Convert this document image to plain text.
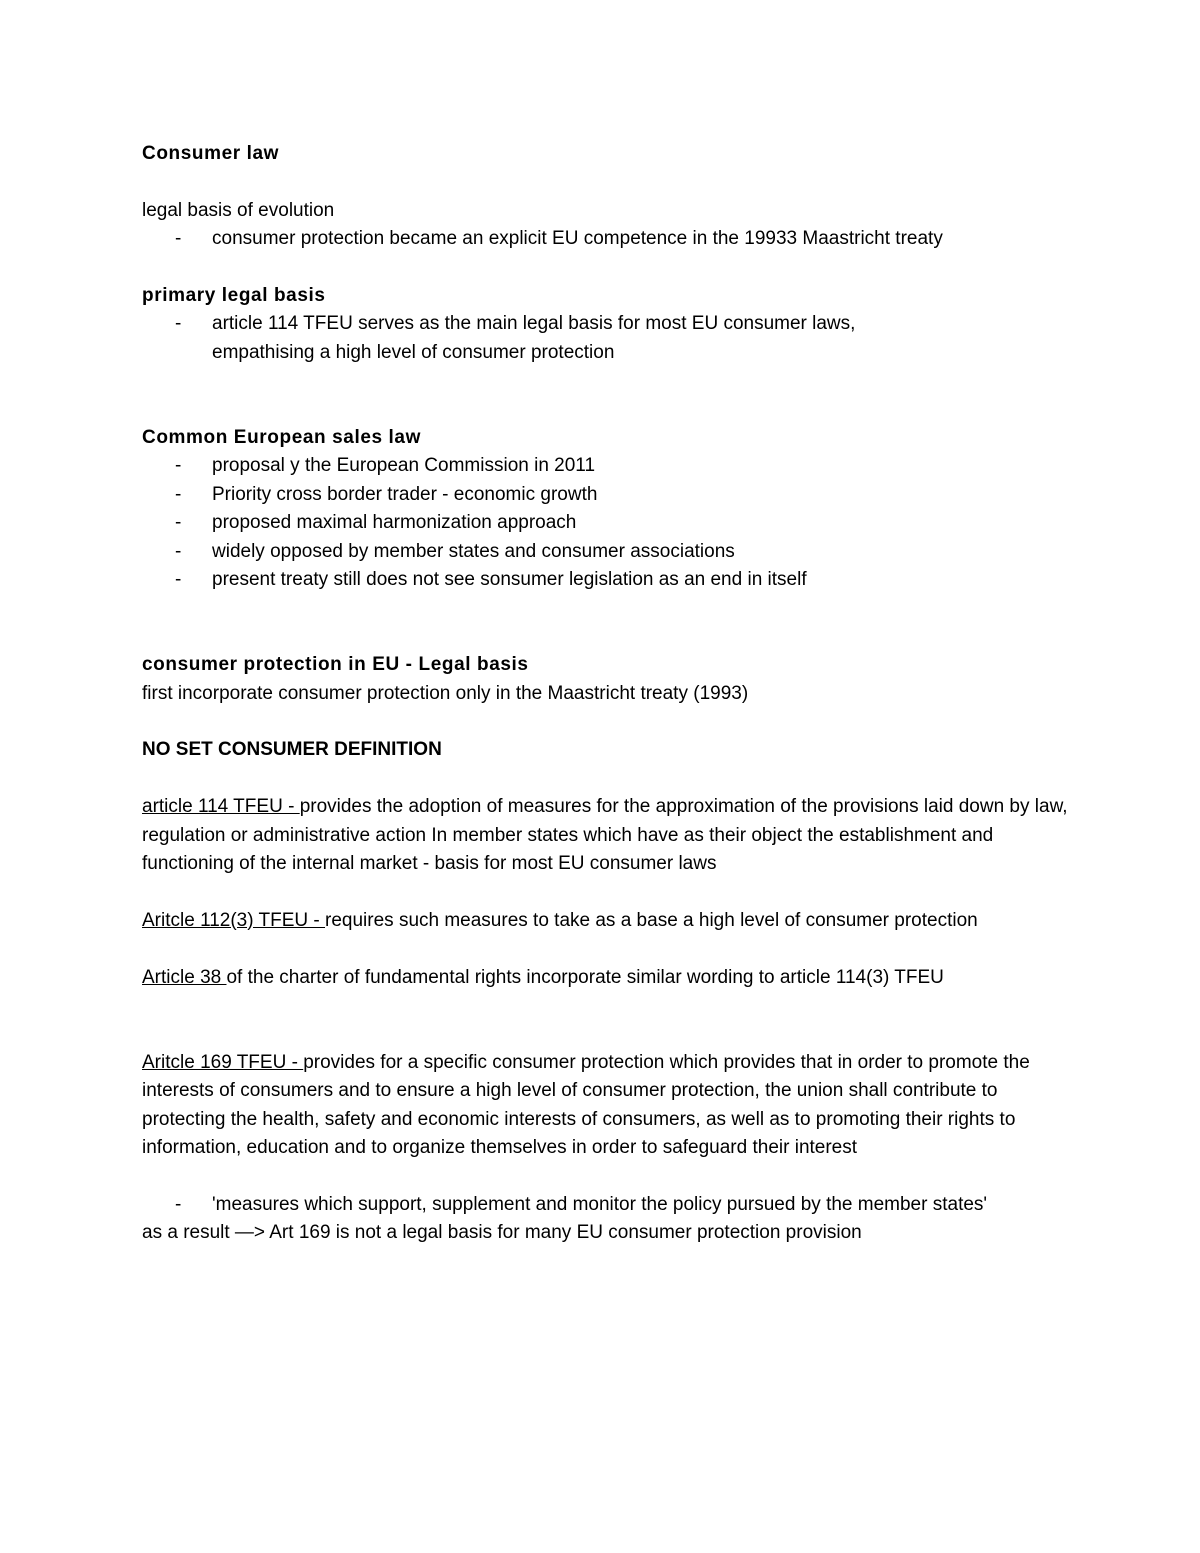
Consumer law
legal basis of evolution
- consumer protection became an explicit EU competence in the 19933 Maastricht treaty
primary legal basis
- article 114 TFEU serves as the main legal basis for most EU consumer laws, empathising a high level of consumer protection
Common European sales law
- proposal y the European Commission in 2011
- Priority cross border trader - economic growth
- proposed maximal harmonization approach
- widely opposed by member states and consumer associations
- present treaty still does not see sonsumer legislation as an end in itself
consumer protection in EU - Legal basis
first incorporate consumer protection only in the Maastricht treaty (1993)
NO SET CONSUMER DEFINITION
article 114 TFEU - provides the adoption of measures for the approximation of the provisions laid down by law, regulation or administrative action In member states which have as their object the establishment and functioning of the internal market - basis for most EU consumer laws
Aritcle 112(3) TFEU - requires such measures to take as a base a high level of consumer protection
Article 38 of the charter of fundamental rights incorporate similar wording to article 114(3) TFEU
Aritcle 169 TFEU - provides for a specific consumer protection which provides that in order to promote the interests of consumers and to ensure a high level of consumer protection, the union shall contribute to protecting the health, safety and economic interests of consumers, as well as to promoting their rights to information, education and to organize themselves in order to safeguard their interest
- 'measures which support, supplement and monitor the policy pursued by the member states'
as a result —> Art 169 is not a legal basis for many EU consumer protection provision
